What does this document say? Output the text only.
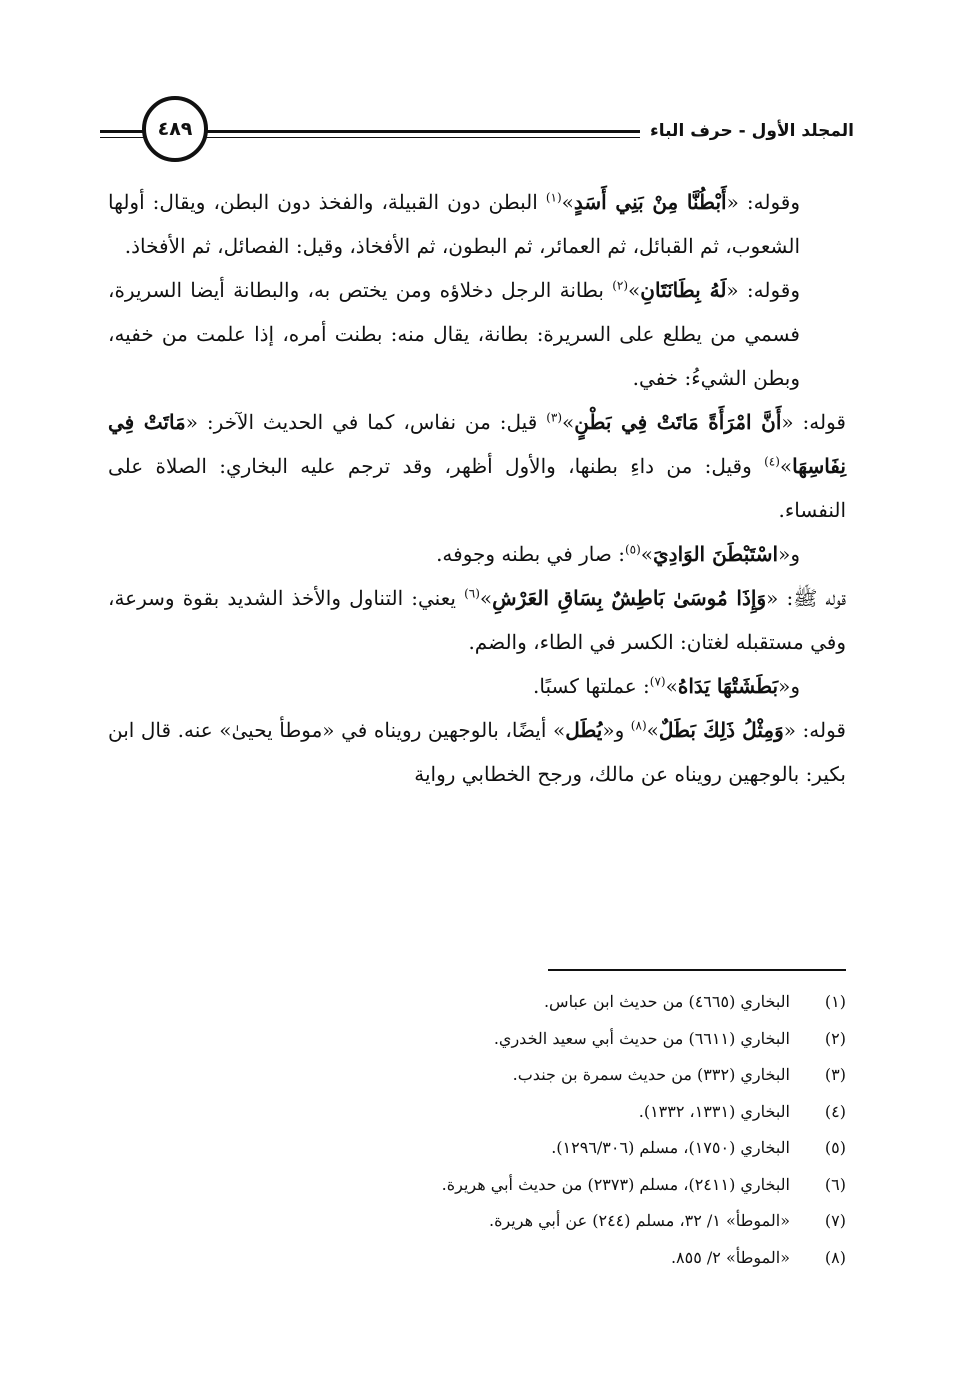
المجلد الأول - حرف الباء
٤٨٩

وقوله: «أَبْطُنَّا مِنْ بَنِي أَسَدٍ»$^{(١)}$ البطن دون القبيلة، والفخذ دون البطن، ويقال: أولها الشعوب، ثم القبائل، ثم العمائر، ثم البطون، ثم الأفخاذ، وقيل: الفصائل، ثم الأفخاذ.

وقوله: «لَهُ بِطَانَتَانِ»$^{(٢)}$ بطانة الرجل دخلاؤه ومن يختص به، والبطانة أيضا السريرة، فسمي من يطلع على السريرة: بطانة، يقال منه: بطنت أمره، إذا علمت من خفيه، وبطن الشيءُ: خفي.

قوله: «أَنَّ امْرَأَةً مَاتَتْ فِي بَطْنٍ»$^{(٣)}$ قيل: من نفاس، كما في الحديث الآخر: «مَاتَتْ فِي نِفَاسِهَا»$^{(٤)}$ وقيل: من داءِ بطنها، والأول أظهر، وقد ترجم عليه البخاري: الصلاة على النفساء.

و«اسْتَبْطَنَ الوَادِيَ»$^{(٥)}$: صار في بطنه وجوفه.

قوله ﷺ: «وَإِذَا مُوسَىٰ بَاطِشٌ بِسَاقِ العَرْشِ»$^{(٦)}$ يعني: التناول والأخذ الشديد بقوة وسرعة، وفي مستقبله لغتان: الكسر في الطاء، والضم.

و«بَطَشَتْهَا يَدَاهُ»$^{(٧)}$: عملتها كسبًا.

قوله: «وَمِثْلُ ذَلِكَ بَطَلٌ»$^{(٨)}$ و«يُطَل» أيضًا، بالوجهين رويناه في «موطأ يحيىٰ» عنه. قال ابن بكير: بالوجهين رويناه عن مالك، ورجح الخطابي رواية

(١)
البخاري (٤٦٦٥) من حديث ابن عباس.
(٢)
البخاري (٦٦١١) من حديث أبي سعيد الخدري.
(٣)
البخاري (٣٣٢) من حديث سمرة بن جندب.
(٤)
البخاري (١٣٣١، ١٣٣٢).
(٥)
البخاري (١٧٥٠)، مسلم (١٢٩٦/٣٠٦).
(٦)
البخاري (٢٤١١)، مسلم (٢٣٧٣) من حديث أبي هريرة.
(٧)
«الموطأ» ١/ ٣٢، مسلم (٢٤٤) عن أبي هريرة.
(٨)
«الموطأ» ٢/ ٨٥٥.
